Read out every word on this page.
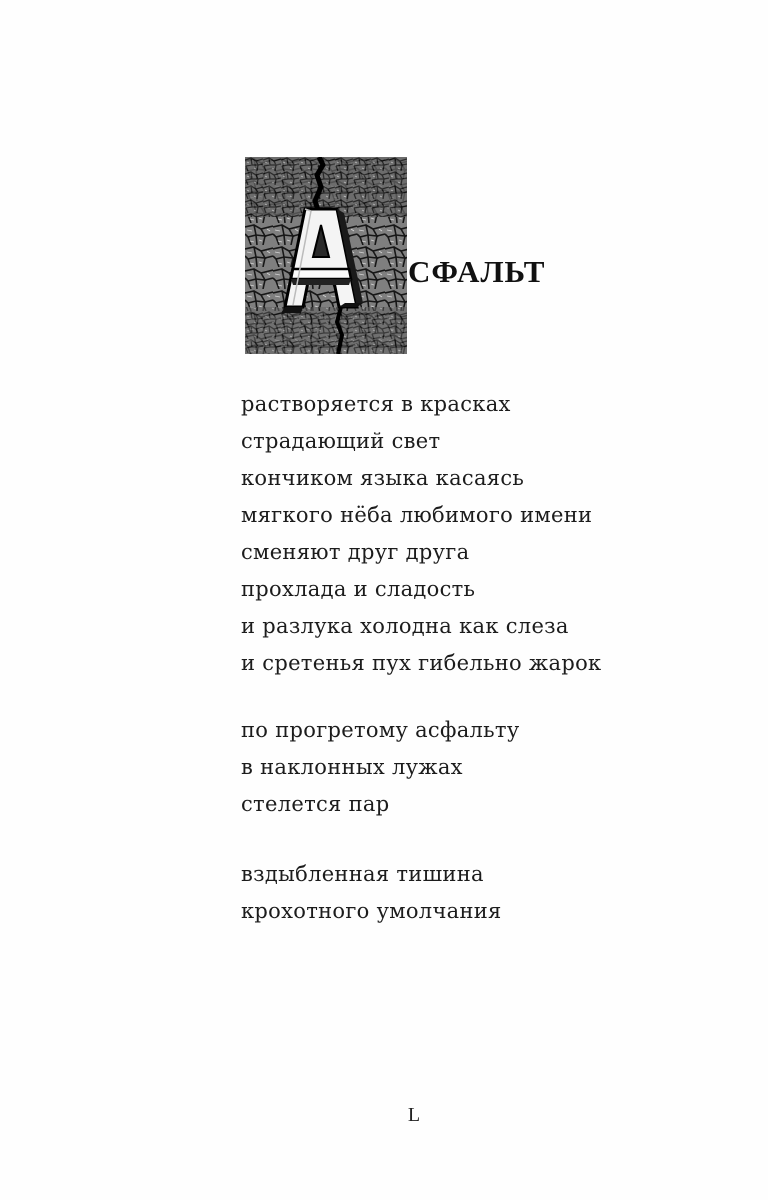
СФАЛЬТ
растворяется в красках
страдающий свет
кончиком языка касаясь
мягкого нёба любимого имени
сменяют друг друга
прохлада и сладость
и разлука холодна как слеза
и сретенья пух гибельно жарок
по прогретому асфальту
в наклонных лужах
стелется пар
вздыбленная тишина
крохотного умолчания
L
